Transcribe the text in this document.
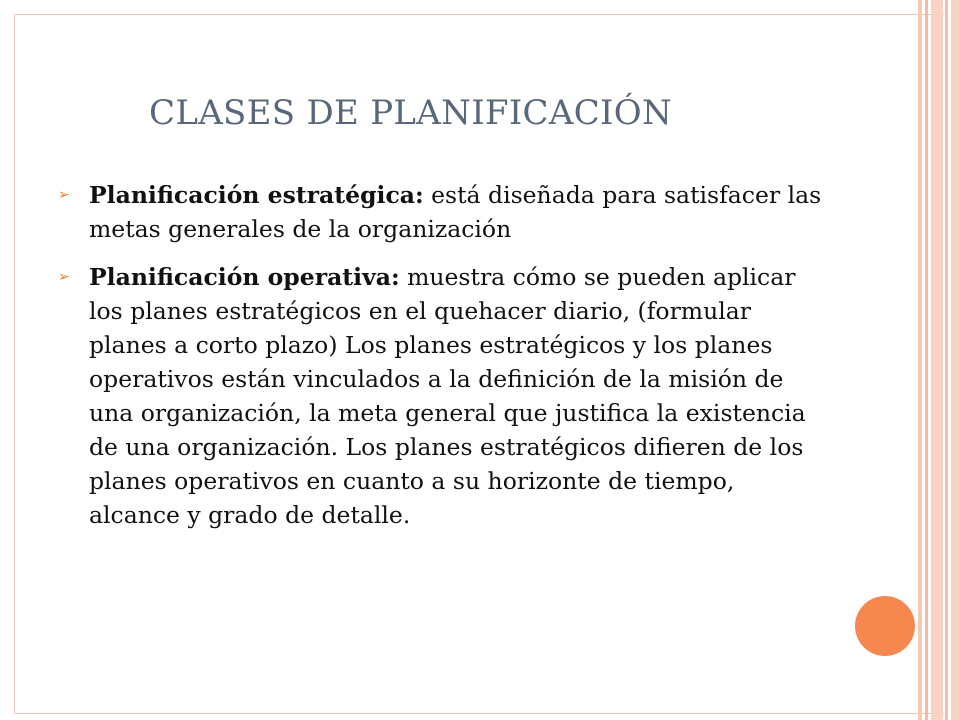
CLASES DE PLANIFICACIÓN
➢ Planificación estratégica: está diseñada para satisfacer las metas generales de la organización
➢ Planificación operativa: muestra cómo se pueden aplicar los planes estratégicos en el quehacer diario, (formular planes a corto plazo) Los planes estratégicos y los planes operativos están vinculados a la definición de la misión de una organización, la meta general que justifica la existencia de una organización. Los planes estratégicos difieren de los planes operativos en cuanto a su horizonte de tiempo, alcance y grado de detalle.
